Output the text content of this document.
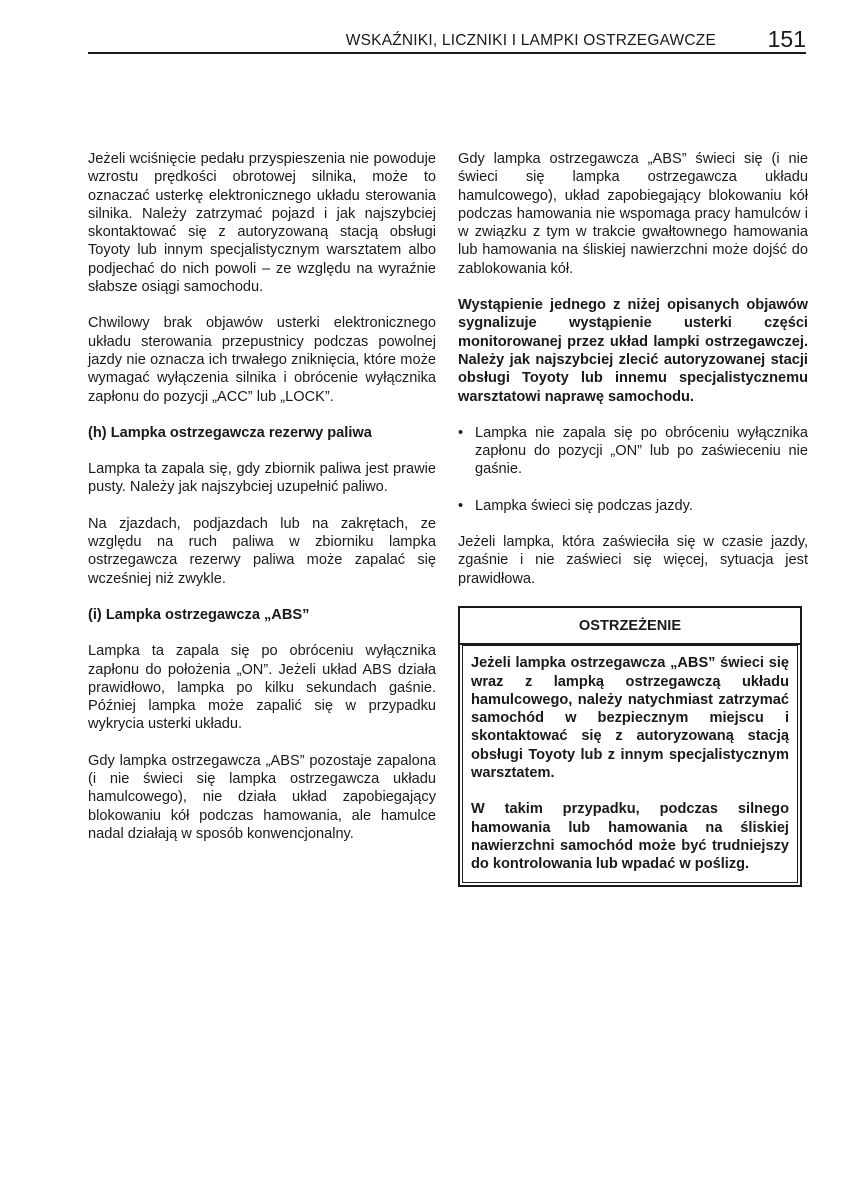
WSKAŹNIKI, LICZNIKI I LAMPKI OSTRZEGAWCZE 151

Jeżeli wciśnięcie pedału przyspieszenia nie powoduje wzrostu prędkości obrotowej silnika, może to oznaczać usterkę elektronicznego układu sterowania silnika. Należy zatrzymać pojazd i jak najszybciej skontaktować się z autoryzowaną stacją obsługi Toyoty lub innym specjalistycznym warsztatem albo podjechać do nich powoli – ze względu na wyraźnie słabsze osiągi samochodu.

Chwilowy brak objawów usterki elektronicznego układu sterowania przepustnicy podczas powolnej jazdy nie oznacza ich trwałego zniknięcia, które może wymagać wyłączenia silnika i obrócenie wyłącznika zapłonu do pozycji „ACC” lub „LOCK”.

(h) Lampka ostrzegawcza rezerwy paliwa

Lampka ta zapala się, gdy zbiornik paliwa jest prawie pusty. Należy jak najszybciej uzupełnić paliwo.

Na zjazdach, podjazdach lub na zakrętach, ze względu na ruch paliwa w zbiorniku lampka ostrzegawcza rezerwy paliwa może zapalać się wcześniej niż zwykle.

(i) Lampka ostrzegawcza „ABS”

Lampka ta zapala się po obróceniu wyłącznika zapłonu do położenia „ON”. Jeżeli układ ABS działa prawidłowo, lampka po kilku sekundach gaśnie. Później lampka może zapalić się w przypadku wykrycia usterki układu.

Gdy lampka ostrzegawcza „ABS” pozostaje zapalona (i nie świeci się lampka ostrzegawcza układu hamulcowego), nie działa układ zapobiegający blokowaniu kół podczas hamowania, ale hamulce nadal działają w sposób konwencjonalny.

Gdy lampka ostrzegawcza „ABS” świeci się (i nie świeci się lampka ostrzegawcza układu hamulcowego), układ zapobiegający blokowaniu kół podczas hamowania nie wspomaga pracy hamulców i w związku z tym w trakcie gwałtownego hamowania lub hamowania na śliskiej nawierzchni może dojść do zablokowania kół.

Wystąpienie jednego z niżej opisanych objawów sygnalizuje wystąpienie usterki części monitorowanej przez układ lampki ostrzegawczej. Należy jak najszybciej zlecić autoryzowanej stacji obsługi Toyoty lub innemu specjalistycznemu warsztatowi naprawę samochodu.

• Lampka nie zapala się po obróceniu wyłącznika zapłonu do pozycji „ON” lub po zaświeceniu nie gaśnie.
• Lampka świeci się podczas jazdy.

Jeżeli lampka, która zaświeciła się w czasie jazdy, zgaśnie i nie zaświeci się więcej, sytuacja jest prawidłowa.

OSTRZEŻENIE

Jeżeli lampka ostrzegawcza „ABS” świeci się wraz z lampką ostrzegawczą układu hamulcowego, należy natychmiast zatrzymać samochód w bezpiecznym miejscu i skontaktować się z autoryzowaną stacją obsługi Toyoty lub z innym specjalistycznym warsztatem.

W takim przypadku, podczas silnego hamowania lub hamowania na śliskiej nawierzchni samochód może być trudniejszy do kontrolowania lub wpadać w poślizg.
